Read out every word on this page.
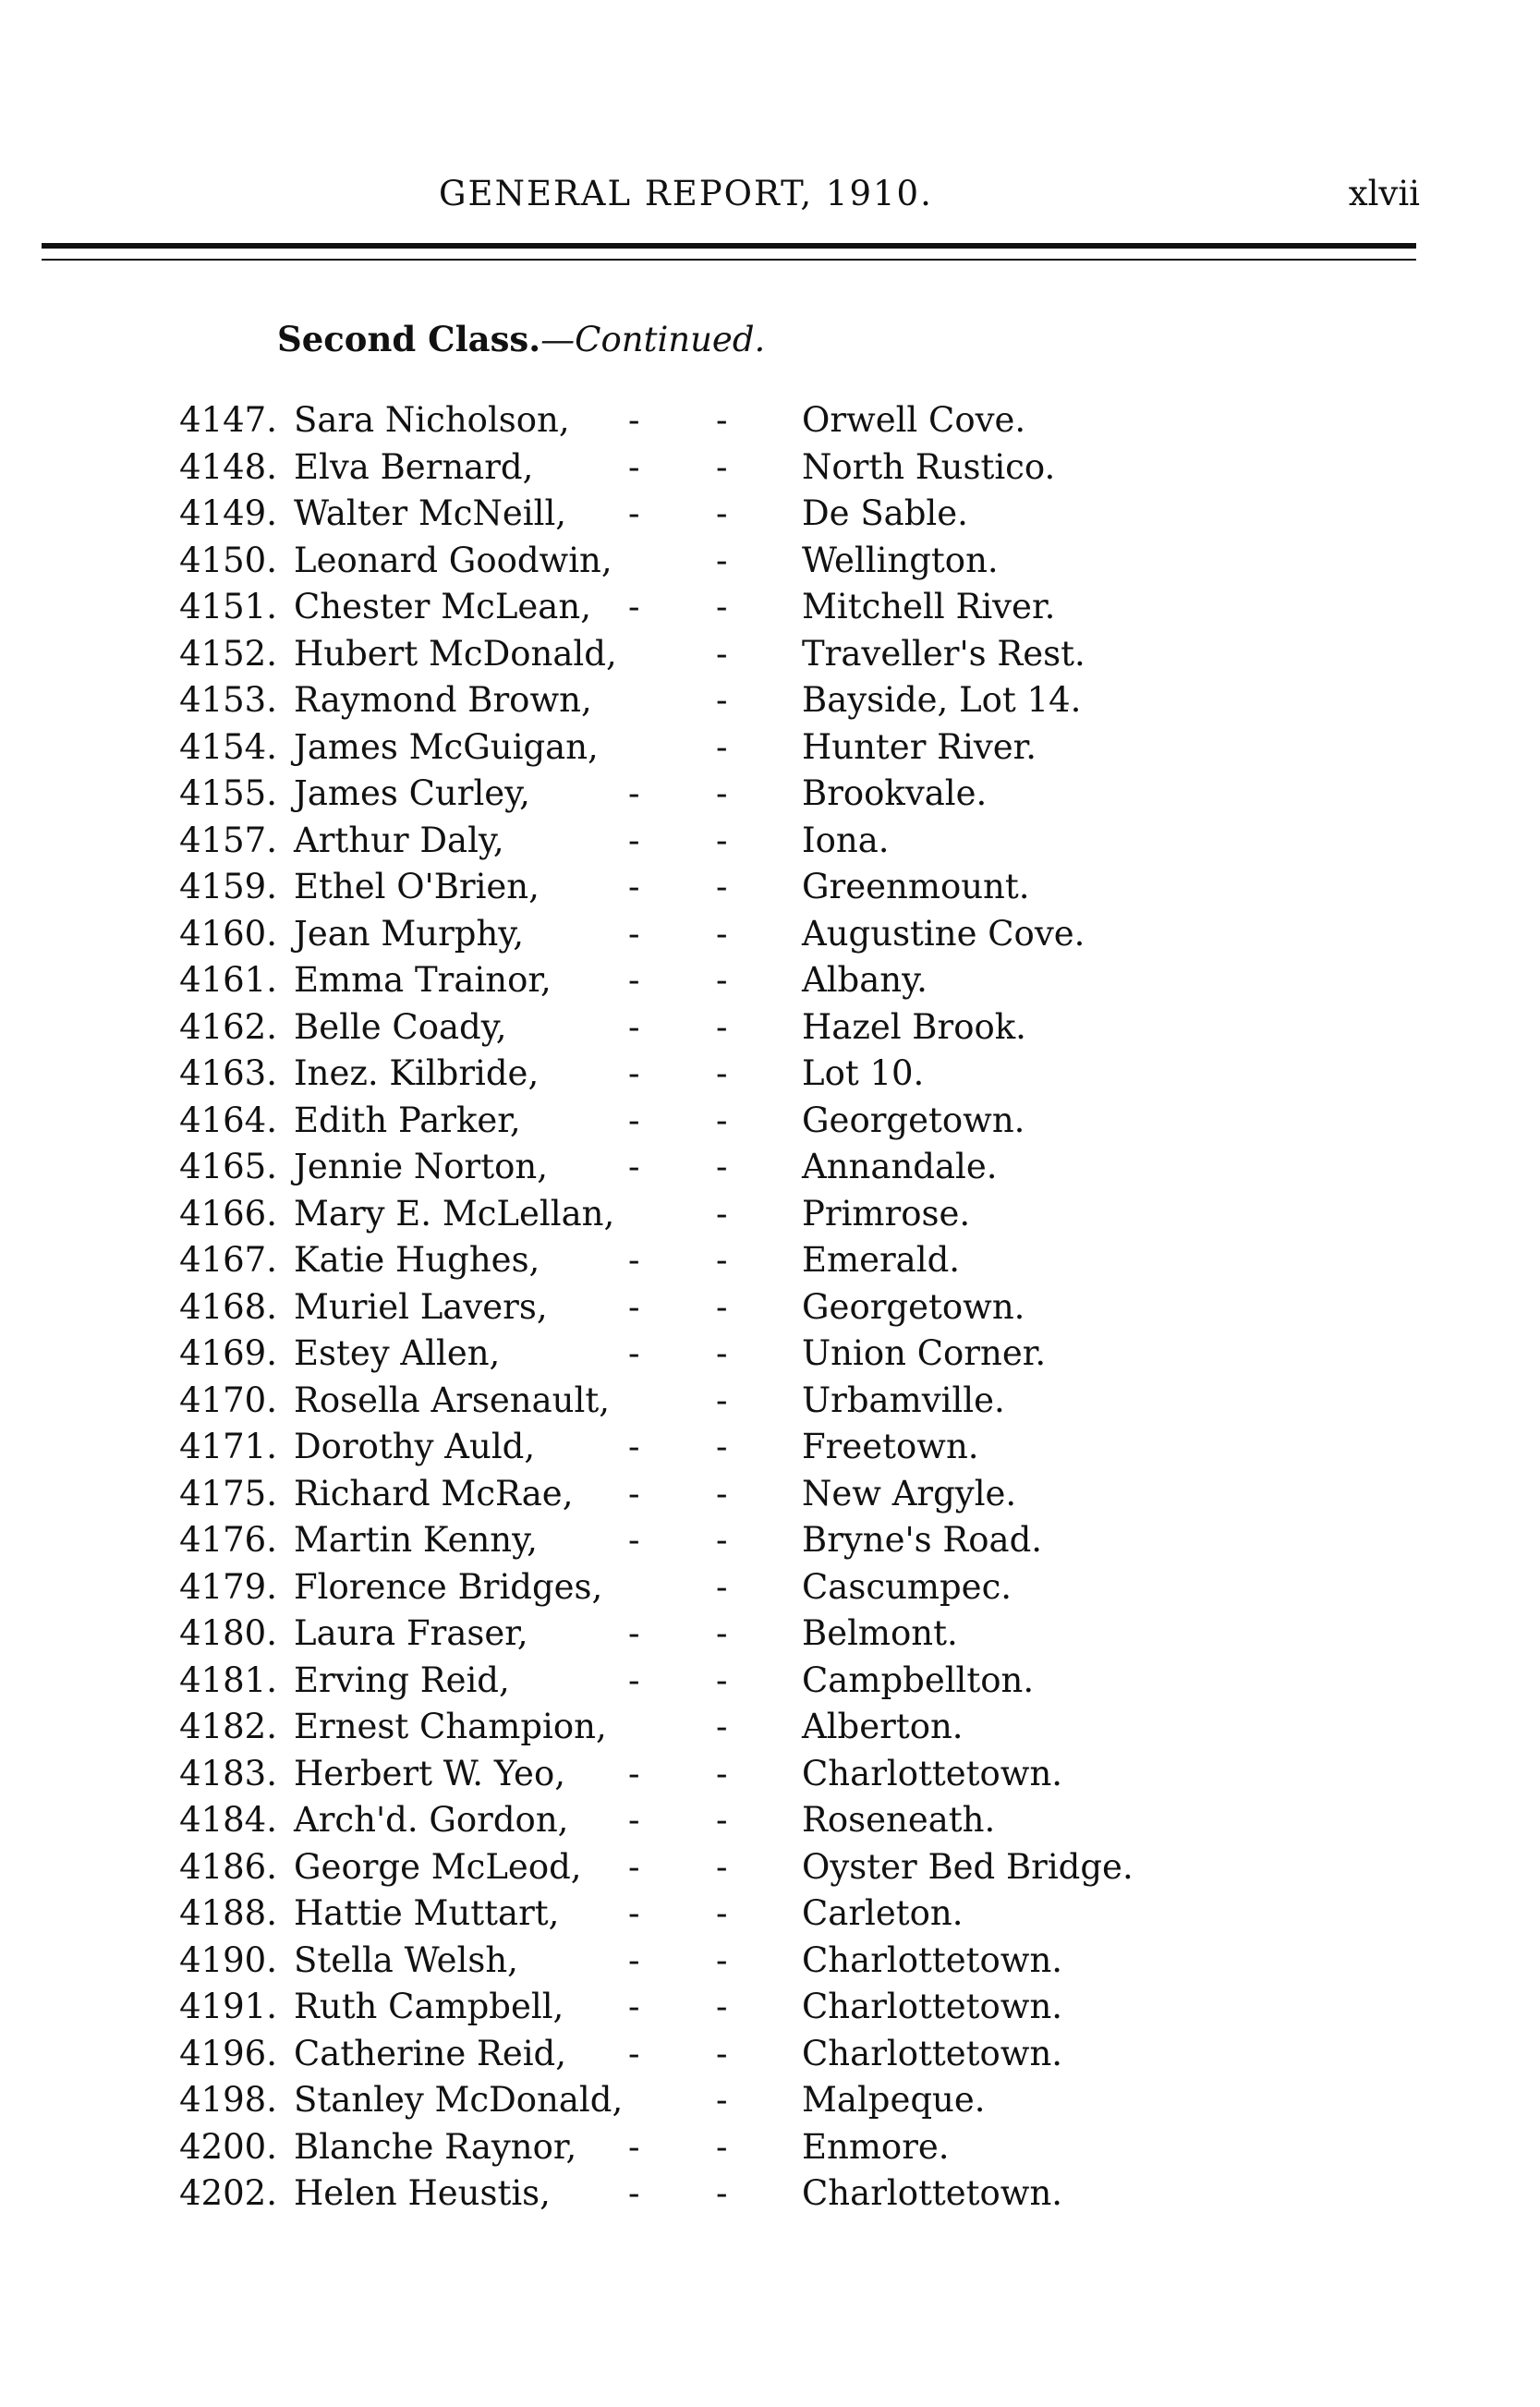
GENERAL REPORT, 1910.	xlvii
Second Class.—Continued.
4147. Sara Nicholson, - - Orwell Cove.
4148. Elva Bernard,	- - North Rustico.
4149. Walter McNeill, - - De Sable.
4150. Leonard Goodwin,	- Wellington.
4151. Chester McLean, - - Mitchell River.
4152. Hubert McDonald,	- Traveller's Rest.
4153. Raymond Brown,	- Bayside, Lot 14.
4154. James McGuigan,	- Hunter River.
4155. James Curley,	- - Brookvale.
4157. Arthur Daly,	- - Iona.
4159. Ethel O'Brien,	- - Greenmount.
4160. Jean Murphy,	- - Augustine Cove.
4161. Emma Trainor, - - Albany.
4162. Belle Coady,	- - Hazel Brook.
4163. Inez. Kilbride,	- - Lot 10.
4164. Edith Parker,	- - Georgetown.
4165. Jennie Norton, - - Annandale.
4166. Mary E. McLellan,	- Primrose.
4167. Katie Hughes,	- - Emerald.
4168. Muriel Lavers, - - Georgetown.
4169. Estey Allen,	- - Union Corner.
4170. Rosella Arsenault,	- Urbamville.
4171. Dorothy Auld,	- - Freetown.
4175. Richard McRae, - - New Argyle.
4176. Martin Kenny,	- - Bryne's Road.
4179. Florence Bridges,	- Cascumpec.
4180. Laura Fraser,	- - Belmont.
4181. Erving Reid,	- - Campbellton.
4182. Ernest Champion,	- Alberton.
4183. Herbert W. Yeo, - - Charlottetown.
4184. Arch'd. Gordon, - - Roseneath.
4186. George McLeod, - - Oyster Bed Bridge.
4188. Hattie Muttart, - - Carleton.
4190. Stella Welsh,	- - Charlottetown.
4191. Ruth Campbell, - - Charlottetown.
4196. Catherine Reid, - - Charlottetown.
4198. Stanley McDonald,	- Malpeque.
4200. Blanche Raynor, - - Enmore.
4202. Helen Heustis, - - Charlottetown.
